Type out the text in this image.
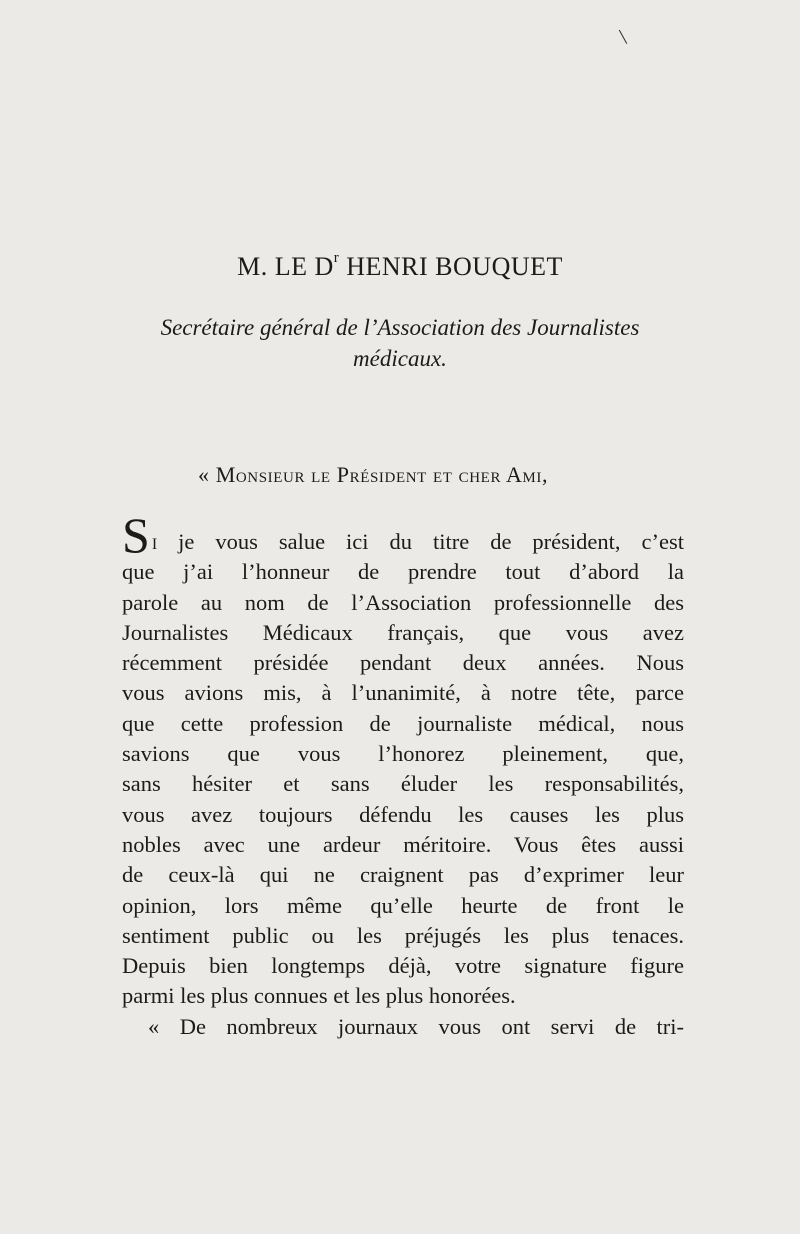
\
M. LE $D^r$ HENRI BOUQUET
Secrétaire général de l’Association des Journalistes
médicaux.
« Monsieur le Président et cher Ami,
Si je vous salue ici du titre de président, c’est
que j’ai l’honneur de prendre tout d’abord la
parole au nom de l’Association professionnelle des
Journalistes Médicaux français, que vous avez
récemment présidée pendant deux années. Nous
vous avions mis, à l’unanimité, à notre tête, parce
que cette profession de journaliste médical, nous
savions que vous l’honorez pleinement, que,
sans hésiter et sans éluder les responsabilités,
vous avez toujours défendu les causes les plus
nobles avec une ardeur méritoire. Vous êtes aussi
de ceux-là qui ne craignent pas d’exprimer leur
opinion, lors même qu’elle heurte de front le
sentiment public ou les préjugés les plus tenaces.
Depuis bien longtemps déjà, votre signature figure
parmi les plus connues et les plus honorées.
« De nombreux journaux vous ont servi de tri-
